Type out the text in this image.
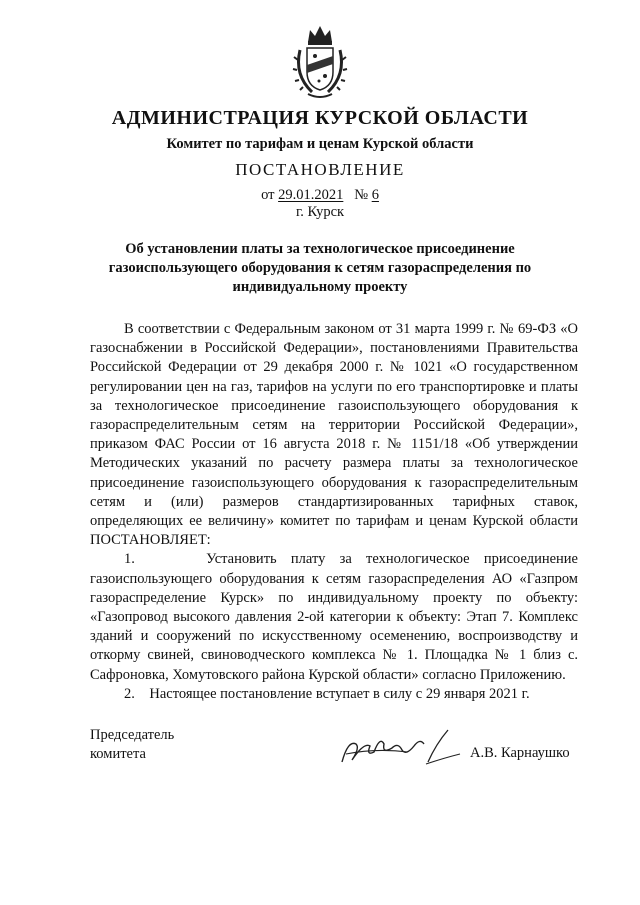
АДМИНИСТРАЦИЯ КУРСКОЙ ОБЛАСТИ
Комитет по тарифам и ценам Курской области
ПОСТАНОВЛЕНИЕ
от 29.01.2021 № 6
г. Курск
Об установлении платы за технологическое присоединение
газоиспользующего оборудования к сетям газораспределения по
индивидуальному проекту

В соответствии с Федеральным законом от 31 марта 1999 г. № 69-ФЗ «О газоснабжении в Российской Федерации», постановлениями Правительства Российской Федерации от 29 декабря 2000 г. № 1021 «О государственном регулировании цен на газ, тарифов на услуги по его транспортировке и платы за технологическое присоединение газоиспользующего оборудования к газораспределительным сетям на территории Российской Федерации», приказом ФАС России от 16 августа 2018 г. № 1151/18 «Об утверждении Методических указаний по расчету размера платы за технологическое присоединение газоиспользующего оборудования к газораспределительным сетям и (или) размеров стандартизированных тарифных ставок, определяющих ее величину» комитет по тарифам и ценам Курской области ПОСТАНОВЛЯЕТ:

1.     Установить плату за технологическое присоединение газоиспользующего оборудования к сетям газораспределения АО «Газпром газораспределение Курск» по индивидуальному проекту по объекту: «Газопровод высокого давления 2-ой категории к объекту: Этап 7. Комплекс зданий и сооружений по искусственному осеменению, воспроизводству и откорму свиней, свиноводческого комплекса № 1. Площадка № 1 близ с. Сафроновка, Хомутовского района Курской области» согласно Приложению.

2.    Настоящее постановление вступает в силу с 29 января 2021 г.

Председатель
комитета	А.В. Карнаушко
